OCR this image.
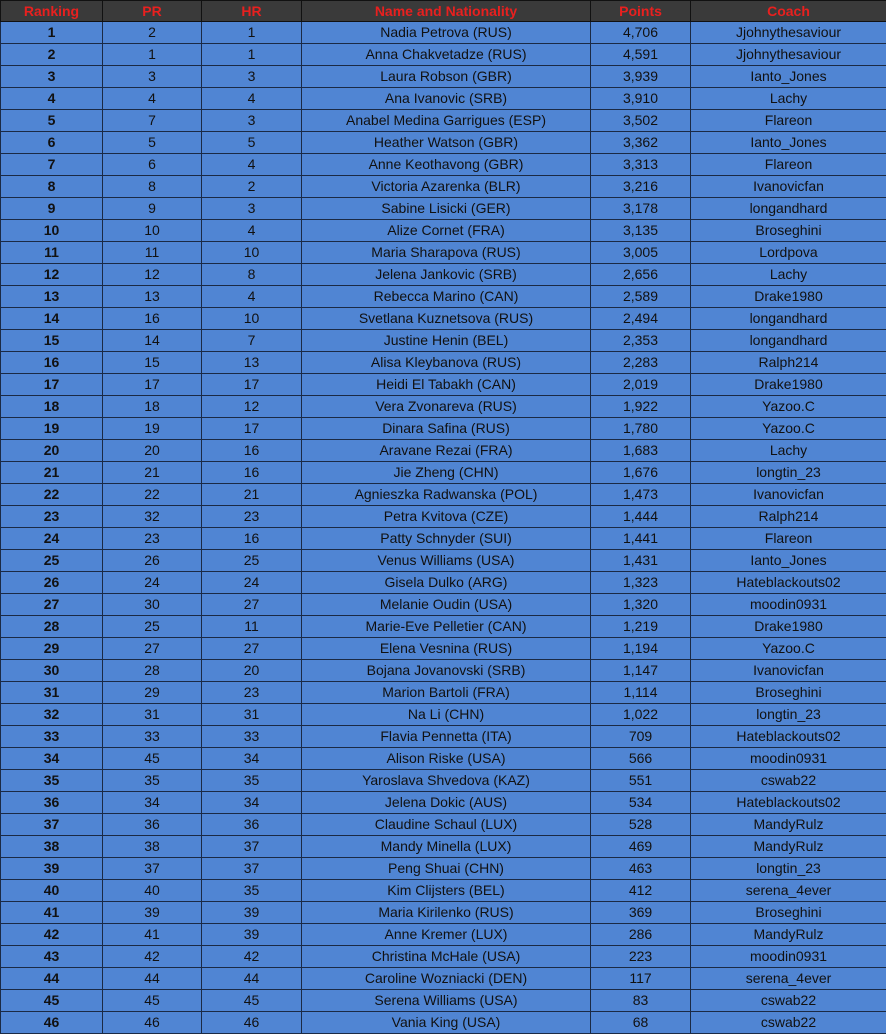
Ranking	PR	HR	Name and Nationality	Points	Coach
1	2	1	Nadia Petrova (RUS)	4,706	Jjohnythesaviour
2	1	1	Anna Chakvetadze (RUS)	4,591	Jjohnythesaviour
3	3	3	Laura Robson (GBR)	3,939	Ianto_Jones
4	4	4	Ana Ivanovic (SRB)	3,910	Lachy
5	7	3	Anabel Medina Garrigues (ESP)	3,502	Flareon
6	5	5	Heather Watson (GBR)	3,362	Ianto_Jones
7	6	4	Anne Keothavong (GBR)	3,313	Flareon
8	8	2	Victoria Azarenka (BLR)	3,216	Ivanovicfan
9	9	3	Sabine Lisicki (GER)	3,178	longandhard
10	10	4	Alize Cornet (FRA)	3,135	Broseghini
11	11	10	Maria Sharapova (RUS)	3,005	Lordpova
12	12	8	Jelena Jankovic (SRB)	2,656	Lachy
13	13	4	Rebecca Marino (CAN)	2,589	Drake1980
14	16	10	Svetlana Kuznetsova (RUS)	2,494	longandhard
15	14	7	Justine Henin (BEL)	2,353	longandhard
16	15	13	Alisa Kleybanova (RUS)	2,283	Ralph214
17	17	17	Heidi El Tabakh (CAN)	2,019	Drake1980
18	18	12	Vera Zvonareva (RUS)	1,922	Yazoo.C
19	19	17	Dinara Safina (RUS)	1,780	Yazoo.C
20	20	16	Aravane Rezai (FRA)	1,683	Lachy
21	21	16	Jie Zheng (CHN)	1,676	longtin_23
22	22	21	Agnieszka Radwanska (POL)	1,473	Ivanovicfan
23	32	23	Petra Kvitova (CZE)	1,444	Ralph214
24	23	16	Patty Schnyder (SUI)	1,441	Flareon
25	26	25	Venus Williams (USA)	1,431	Ianto_Jones
26	24	24	Gisela Dulko (ARG)	1,323	Hateblackouts02
27	30	27	Melanie Oudin (USA)	1,320	moodin0931
28	25	11	Marie-Eve Pelletier (CAN)	1,219	Drake1980
29	27	27	Elena Vesnina (RUS)	1,194	Yazoo.C
30	28	20	Bojana Jovanovski (SRB)	1,147	Ivanovicfan
31	29	23	Marion Bartoli (FRA)	1,114	Broseghini
32	31	31	Na Li (CHN)	1,022	longtin_23
33	33	33	Flavia Pennetta (ITA)	709	Hateblackouts02
34	45	34	Alison Riske (USA)	566	moodin0931
35	35	35	Yaroslava Shvedova (KAZ)	551	cswab22
36	34	34	Jelena Dokic (AUS)	534	Hateblackouts02
37	36	36	Claudine Schaul (LUX)	528	MandyRulz
38	38	37	Mandy Minella (LUX)	469	MandyRulz
39	37	37	Peng Shuai (CHN)	463	longtin_23
40	40	35	Kim Clijsters (BEL)	412	serena_4ever
41	39	39	Maria Kirilenko (RUS)	369	Broseghini
42	41	39	Anne Kremer (LUX)	286	MandyRulz
43	42	42	Christina McHale (USA)	223	moodin0931
44	44	44	Caroline Wozniacki (DEN)	117	serena_4ever
45	45	45	Serena Williams (USA)	83	cswab22
46	46	46	Vania King (USA)	68	cswab22
